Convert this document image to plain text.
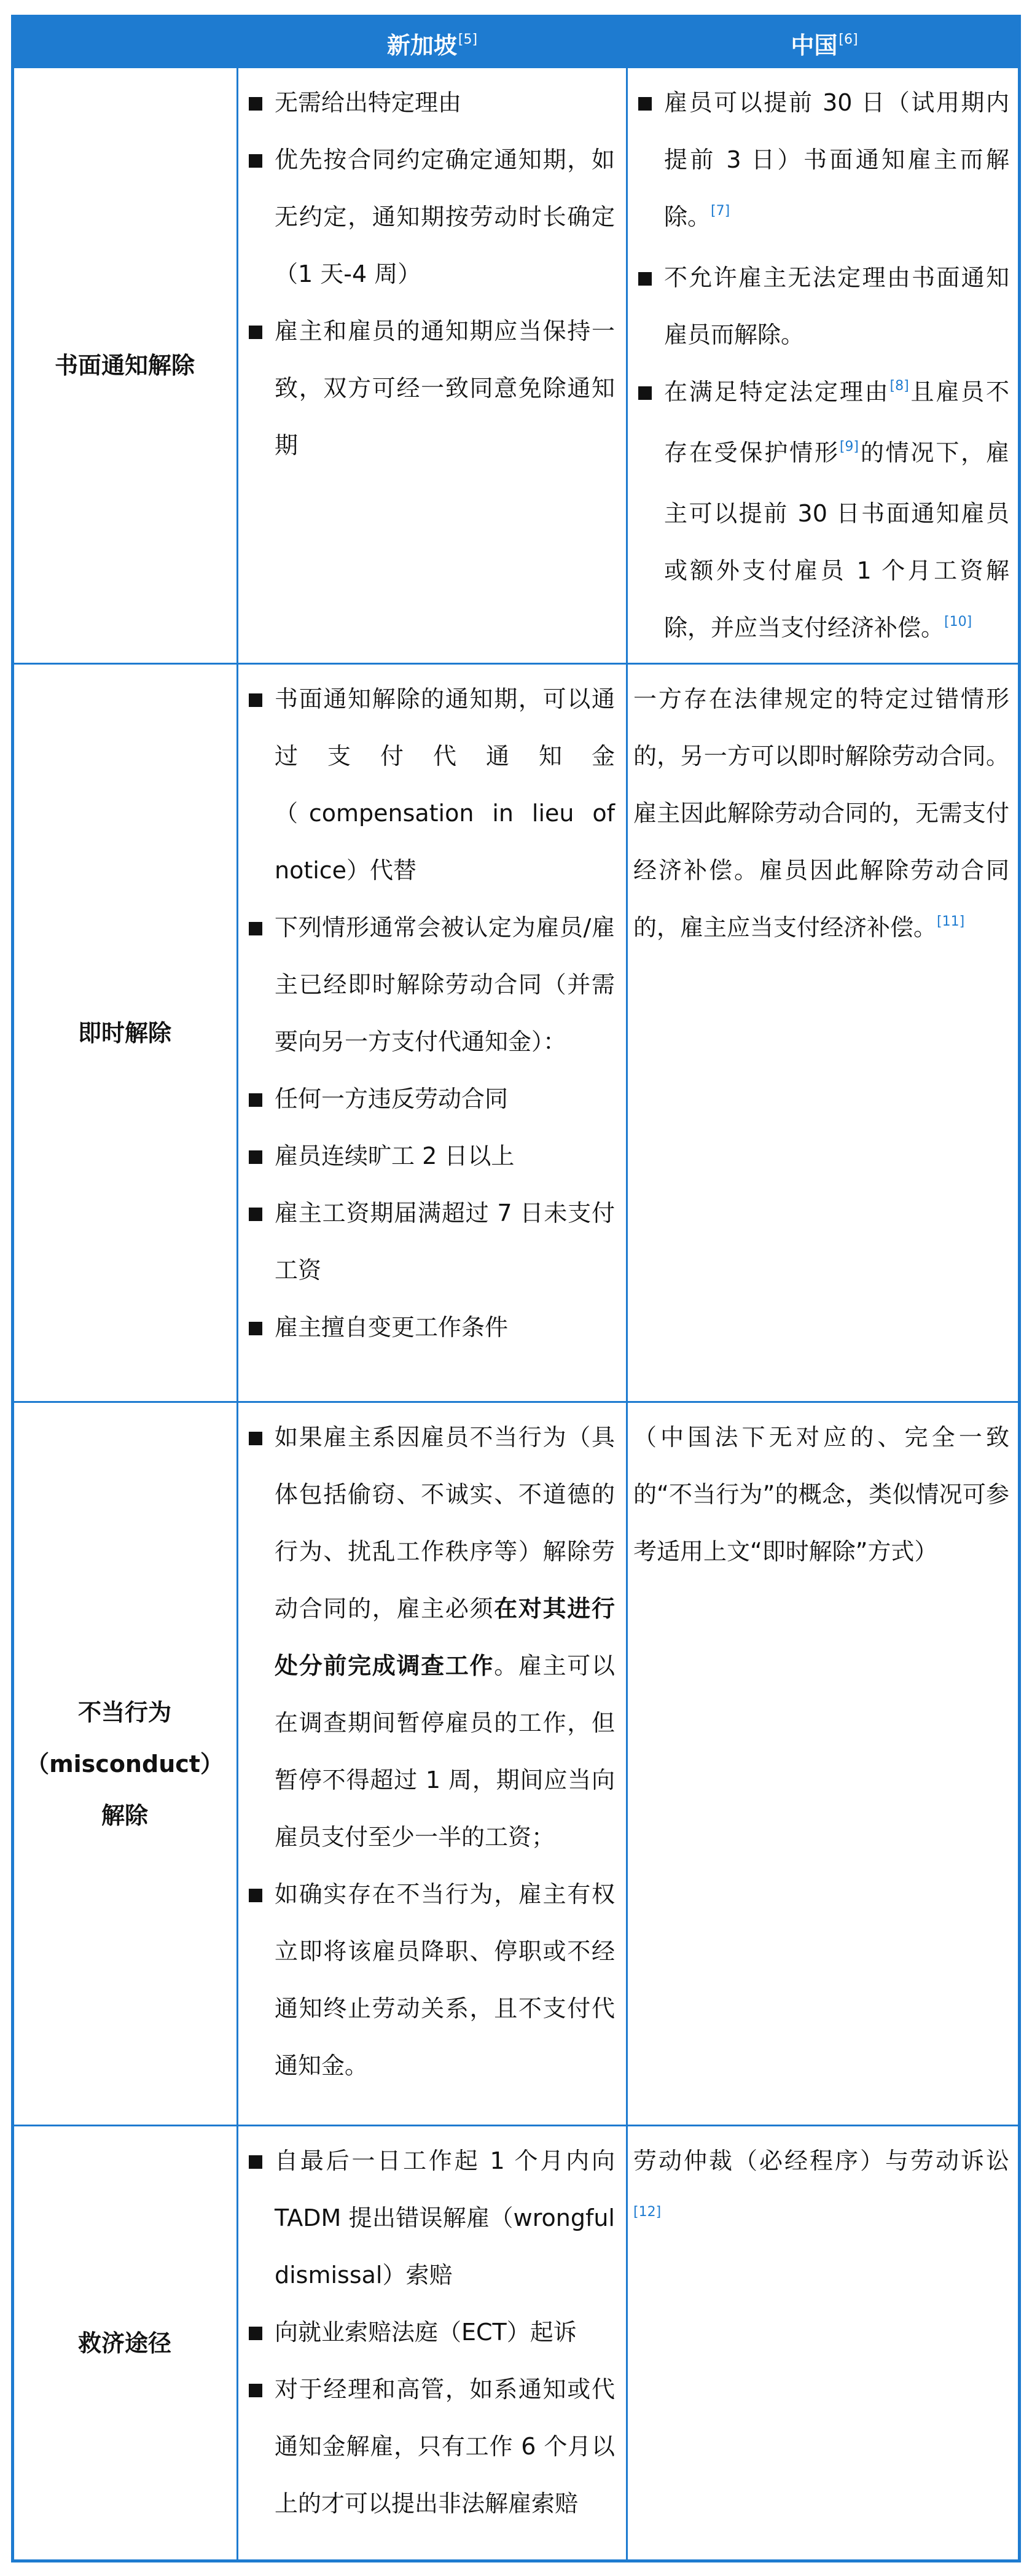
新加坡[5]	中国[6]
书面通知解除
无需给出特定理由
优先按合同约定确定通知期，如无约定，通知期按劳动时长确定（1 天-4 周）
雇主和雇员的通知期应当保持一致，双方可经一致同意免除通知期
雇员可以提前 30 日（试用期内提前 3 日）书面通知雇主而解除。[7]
不允许雇主无法定理由书面通知雇员而解除。
在满足特定法定理由[8]且雇员不存在受保护情形[9]的情况下，雇主可以提前 30 日书面通知雇员或额外支付雇员 1 个月工资解除，并应当支付经济补偿。[10]
即时解除
书面通知解除的通知期，可以通过支付代通知金（compensation in lieu of notice）代替
下列情形通常会被认定为雇员/雇主已经即时解除劳动合同（并需要向另一方支付代通知金）：
任何一方违反劳动合同
雇员连续旷工 2 日以上
雇主工资期届满超过 7 日未支付工资
雇主擅自变更工作条件
一方存在法律规定的特定过错情形的，另一方可以即时解除劳动合同。雇主因此解除劳动合同的，无需支付经济补偿。雇员因此解除劳动合同的，雇主应当支付经济补偿。[11]
不当行为
（misconduct）
解除
如果雇主系因雇员不当行为（具体包括偷窃、不诚实、不道德的行为、扰乱工作秩序等）解除劳动合同的，雇主必须在对其进行处分前完成调查工作。雇主可以在调查期间暂停雇员的工作，但暂停不得超过 1 周，期间应当向雇员支付至少一半的工资；
如确实存在不当行为，雇主有权立即将该雇员降职、停职或不经通知终止劳动关系，且不支付代通知金。
（中国法下无对应的、完全一致的“不当行为”的概念，类似情况可参考适用上文“即时解除”方式）
救济途径
自最后一日工作起 1 个月内向 TADM 提出错误解雇（wrongful dismissal）索赔
向就业索赔法庭（ECT）起诉
对于经理和高管，如系通知或代通知金解雇，只有工作 6 个月以上的才可以提出非法解雇索赔
劳动仲裁（必经程序）与劳动诉讼[12]
